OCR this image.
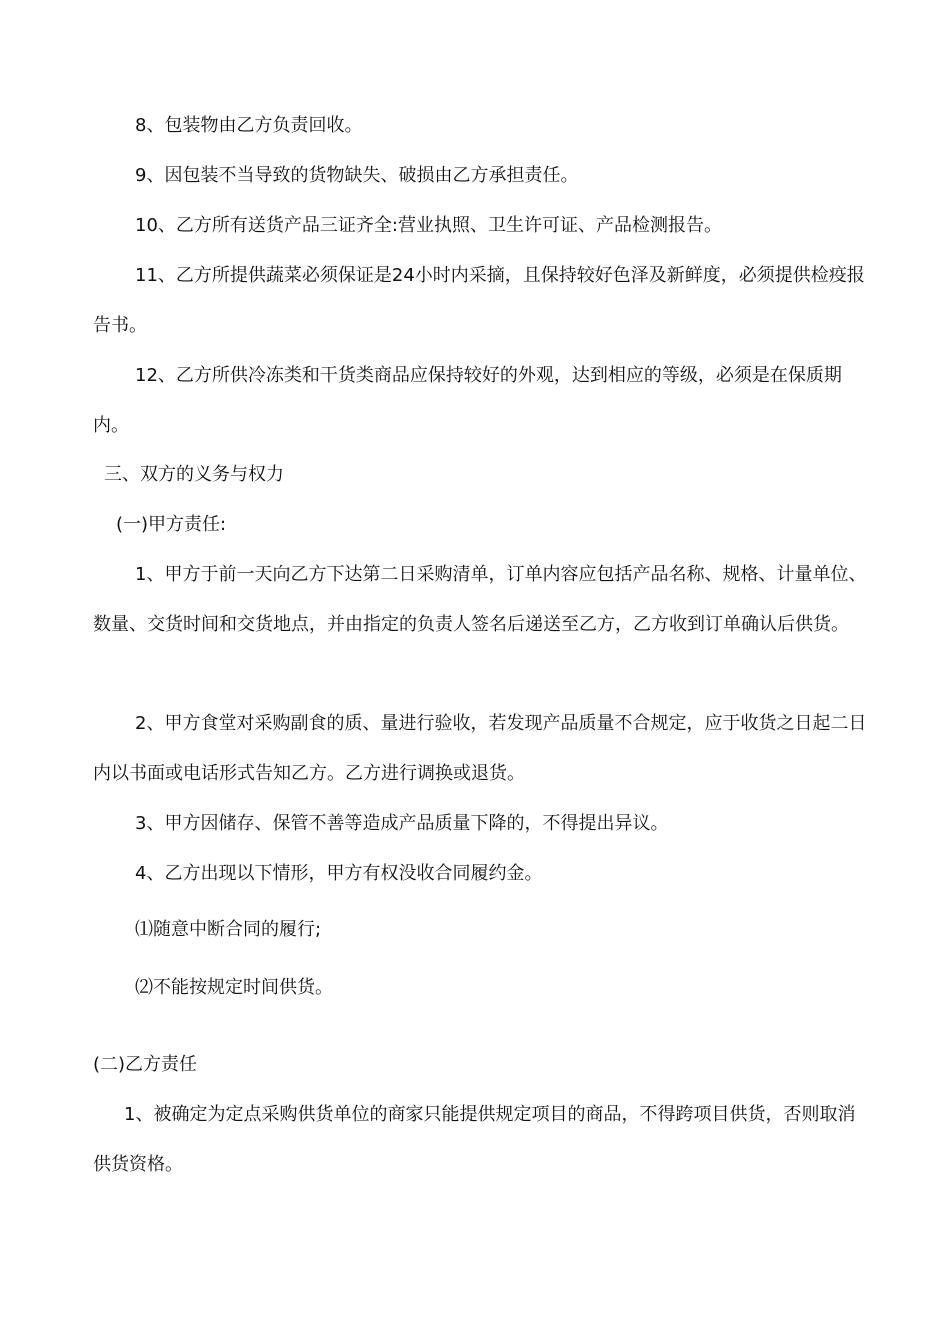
8、包装物由乙方负责回收。

9、因包装不当导致的货物缺失、破损由乙方承担责任。

10、乙方所有送货产品三证齐全:营业执照、卫生许可证、产品检测报告。

11、乙方所提供蔬菜必须保证是24小时内采摘，且保持较好色泽及新鲜度，必须提供检疫报告书。

12、乙方所供冷冻类和干货类商品应保持较好的外观，达到相应的等级，必须是在保质期内。

三、双方的义务与权力

(一)甲方责任:

1、甲方于前一天向乙方下达第二日采购清单，订单内容应包括产品名称、规格、计量单位、数量、交货时间和交货地点，并由指定的负责人签名后递送至乙方，乙方收到订单确认后供货。

2、甲方食堂对采购副食的质、量进行验收，若发现产品质量不合规定，应于收货之日起二日内以书面或电话形式告知乙方。乙方进行调换或退货。

3、甲方因储存、保管不善等造成产品质量下降的，不得提出异议。

4、乙方出现以下情形，甲方有权没收合同履约金。

⑴随意中断合同的履行;

⑵不能按规定时间供货。

(二)乙方责任

1、被确定为定点采购供货单位的商家只能提供规定项目的商品，不得跨项目供货，否则取消供货资格。
